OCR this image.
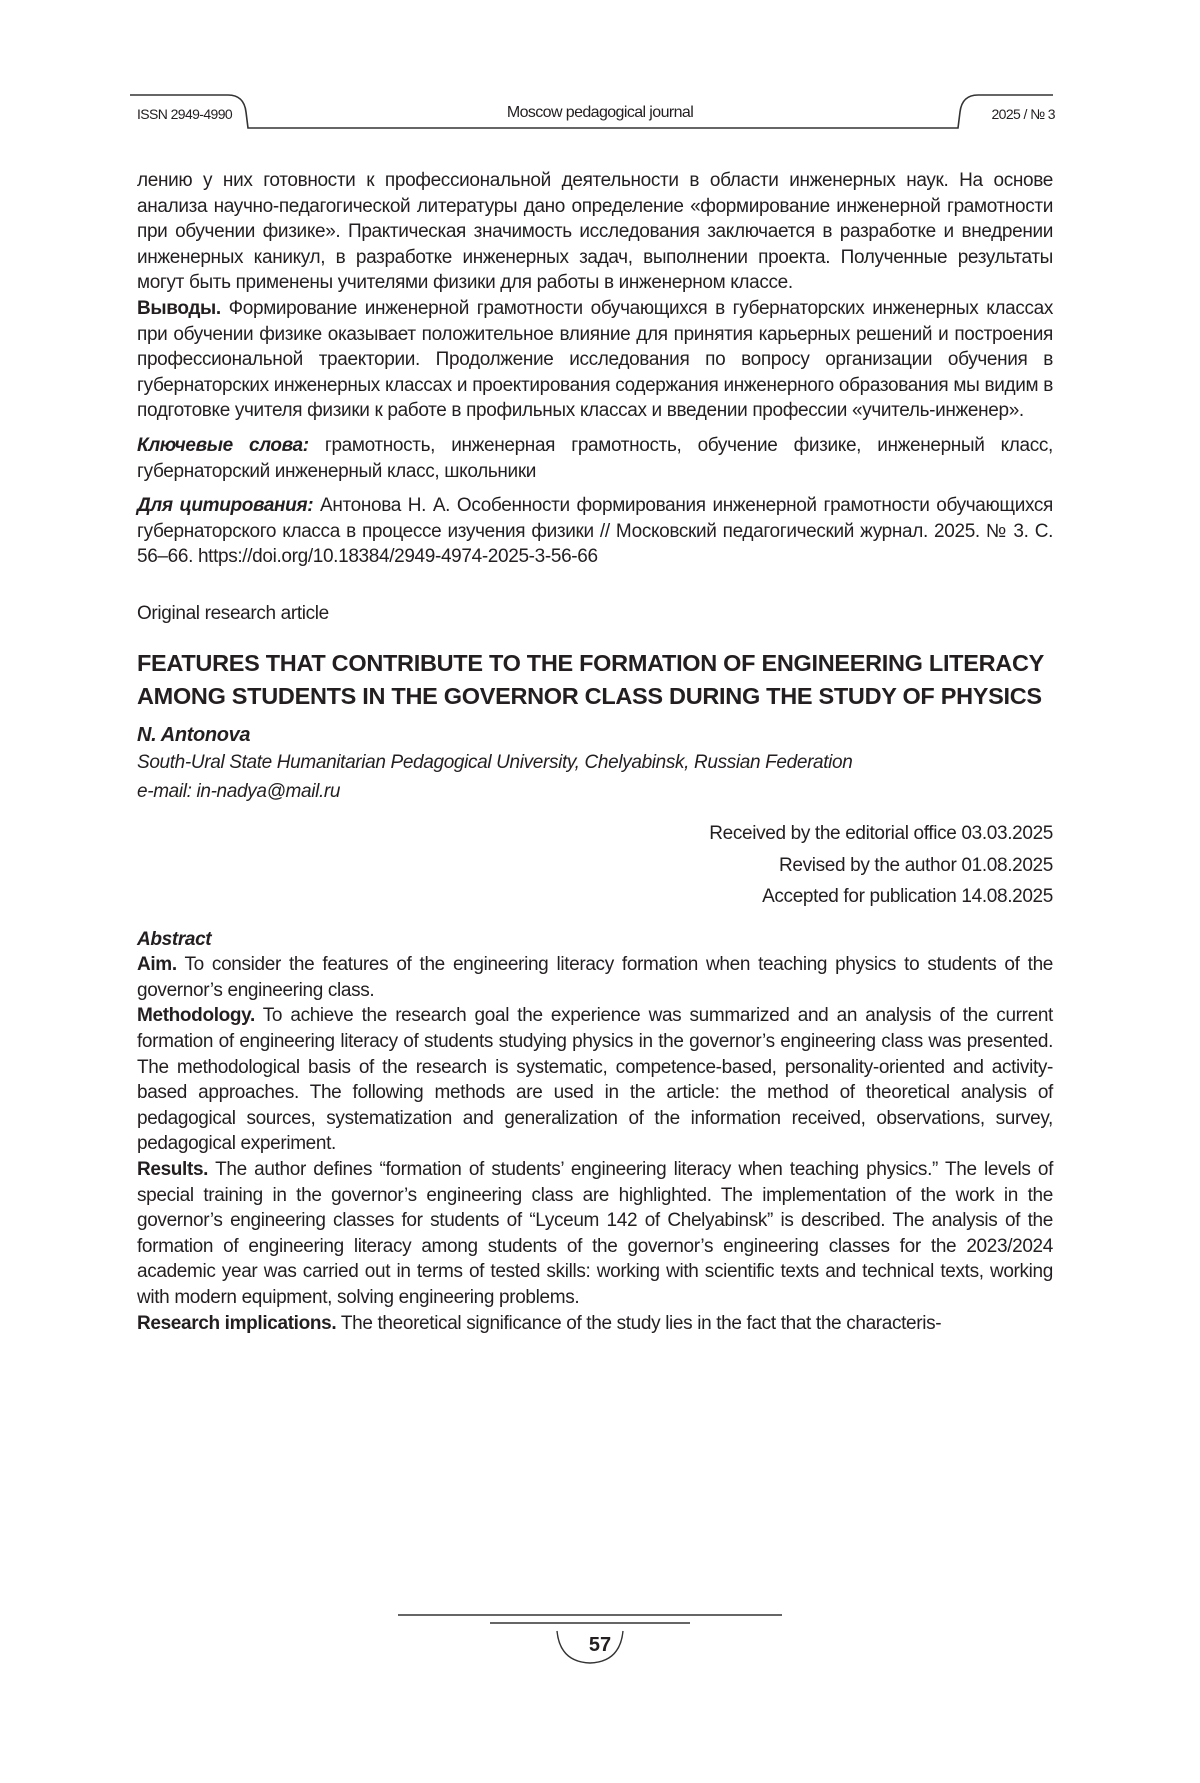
ISSN 2949-4990	Moscow pedagogical journal	2025 / № 3

лению у них готовности к профессиональной деятельности в области инженерных наук. На основе анализа научно-педагогической литературы дано определение «формирование инженерной грамотности при обучении физике». Практическая значимость исследования заключается в разработке и внедрении инженерных каникул, в разработке инженерных задач, выполнении проекта. Полученные результаты могут быть применены учителями физики для работы в инженерном классе.

Выводы. Формирование инженерной грамотности обучающихся в губернаторских инженерных классах при обучении физике оказывает положительное влияние для принятия карьерных решений и построения профессиональной траектории. Продолжение исследования по вопросу организации обучения в губернаторских инженерных классах и проектирования содержания инженерного образования мы видим в подготовке учителя физики к работе в профильных классах и введении профессии «учитель-инженер».

Ключевые слова: грамотность, инженерная грамотность, обучение физике, инженерный класс, губернаторский инженерный класс, школьники

Для цитирования: Антонова Н. А. Особенности формирования инженерной грамотности обучающихся губернаторского класса в процессе изучения физики // Московский педагогический журнал. 2025. № 3. С. 56–66. https://doi.org/10.18384/2949-4974-2025-3-56-66

Original research article

FEATURES THAT CONTRIBUTE TO THE FORMATION OF ENGINEERING LITERACY AMONG STUDENTS IN THE GOVERNOR CLASS DURING THE STUDY OF PHYSICS

N. Antonova

South-Ural State Humanitarian Pedagogical University, Chelyabinsk, Russian Federation

e-mail: in-nadya@mail.ru

Received by the editorial office 03.03.2025
Revised by the author 01.08.2025
Accepted for publication 14.08.2025

Abstract

Aim. To consider the features of the engineering literacy formation when teaching physics to students of the governor’s engineering class.

Methodology. To achieve the research goal the experience was summarized and an analysis of the current formation of engineering literacy of students studying physics in the governor’s engineering class was presented. The methodological basis of the research is systematic, competence-based, personality-oriented and activity-based approaches. The following methods are used in the article: the method of theoretical analysis of pedagogical sources, systematization and generalization of the information received, observations, survey, pedagogical experiment.

Results. The author defines “formation of students’ engineering literacy when teaching physics.” The levels of special training in the governor’s engineering class are highlighted. The implementation of the work in the governor’s engineering classes for students of “Lyceum 142 of Chelyabinsk” is described. The analysis of the formation of engineering literacy among students of the governor’s engineering classes for the 2023/2024 academic year was carried out in terms of tested skills: working with scientific texts and technical texts, working with modern equipment, solving engineering problems.

Research implications. The theoretical significance of the study lies in the fact that the characteris-

57
